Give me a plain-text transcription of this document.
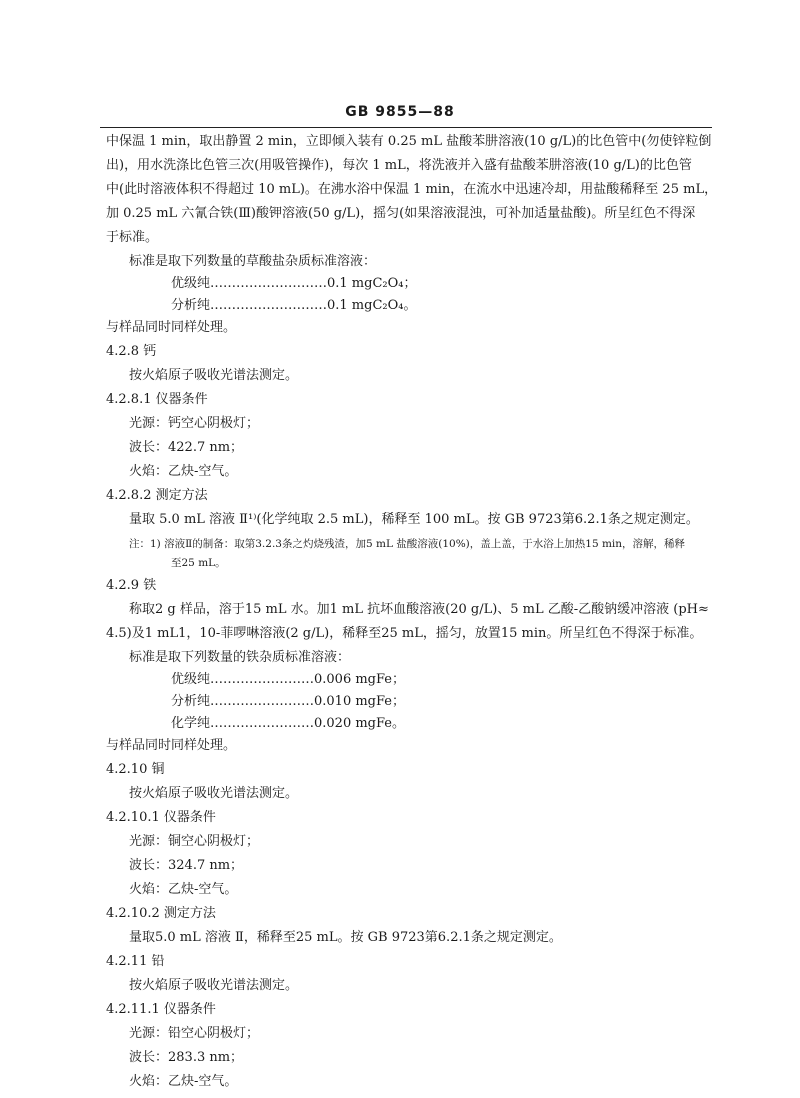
GB 9855—88
中保温 1 min，取出静置 2 min，立即倾入装有 0.25 mL 盐酸苯肼溶液(10 g/L)的比色管中(勿使锌粒倒
出)，用水洗涤比色管三次(用吸管操作)，每次 1 mL，将洗液并入盛有盐酸苯肼溶液(10 g/L)的比色管
中(此时溶液体积不得超过 10 mL)。在沸水浴中保温 1 min，在流水中迅速冷却，用盐酸稀释至 25 mL，
加 0.25 mL 六氰合铁(Ⅲ)酸钾溶液(50 g/L)，摇匀(如果溶液混浊，可补加适量盐酸)。所呈红色不得深
于标准。
标准是取下列数量的草酸盐杂质标准溶液：
优级纯………………………0.1 mgC₂O₄；
分析纯………………………0.1 mgC₂O₄。
与样品同时同样处理。
4.2.8 钙
按火焰原子吸收光谱法测定。
4.2.8.1 仪器条件
光源：钙空心阴极灯；
波长：422.7 nm；
火焰：乙炔-空气。
4.2.8.2 测定方法
量取 5.0 mL 溶液 Ⅱ¹⁾(化学纯取 2.5 mL)，稀释至 100 mL。按 GB 9723第6.2.1条之规定测定。
注：1) 溶液Ⅱ的制备：取第3.2.3条之灼烧残渣，加5 mL 盐酸溶液(10%)，盖上盖，于水浴上加热15 min，溶解，稀释
至25 mL。
4.2.9 铁
称取2 g 样品，溶于15 mL 水。加1 mL 抗坏血酸溶液(20 g/L)、5 mL 乙酸-乙酸钠缓冲溶液 (pH≈
4.5)及1 mL1，10-菲啰啉溶液(2 g/L)，稀释至25 mL，摇匀，放置15 min。所呈红色不得深于标准。
标准是取下列数量的铁杂质标准溶液：
优级纯……………………0.006 mgFe；
分析纯……………………0.010 mgFe；
化学纯……………………0.020 mgFe。
与样品同时同样处理。
4.2.10 铜
按火焰原子吸收光谱法测定。
4.2.10.1 仪器条件
光源：铜空心阴极灯；
波长：324.7 nm；
火焰：乙炔-空气。
4.2.10.2 测定方法
量取5.0 mL 溶液 Ⅱ，稀释至25 mL。按 GB 9723第6.2.1条之规定测定。
4.2.11 铅
按火焰原子吸收光谱法测定。
4.2.11.1 仪器条件
光源：铅空心阴极灯；
波长：283.3 nm；
火焰：乙炔-空气。
